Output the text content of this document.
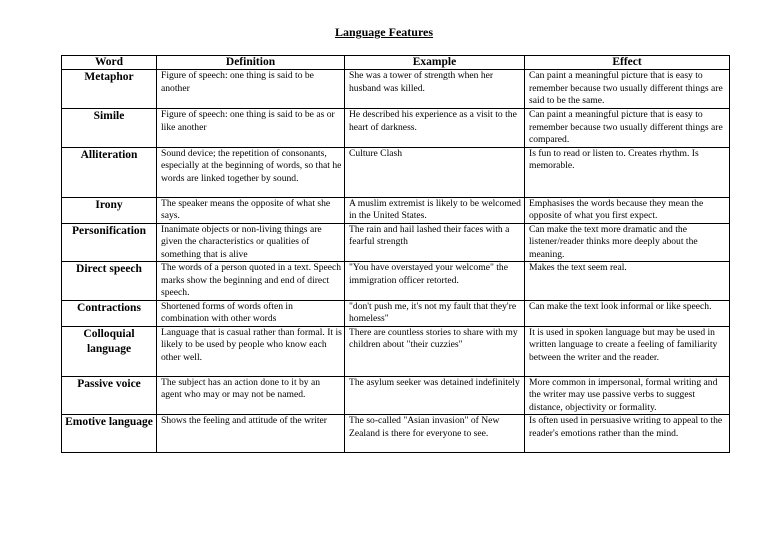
Language Features
Word	Definition	Example	Effect
Metaphor	Figure of speech: one thing is said to be another	She was a tower of strength when her husband was killed.	Can paint a meaningful picture that is easy to remember because two usually different things are said to be the same.
Simile	Figure of speech: one thing is said to be as or like another	He described his experience as a visit to the heart of darkness.	Can paint a meaningful picture that is easy to remember because two usually different things are compared.
Alliteration	Sound device; the repetition of consonants, especially at the beginning of words, so that he words are linked together by sound.	Culture Clash	Is fun to read or listen to. Creates rhythm. Is memorable.
Irony	The speaker means the opposite of what she says.	A muslim extremist is likely to be welcomed in the United States.	Emphasises the words because they mean the opposite of what you first expect.
Personification	Inanimate objects or non-living things are given the characteristics or qualities of something that is alive	The rain and hail lashed their faces with a fearful strength	Can make the text more dramatic and the listener/reader thinks more deeply about the meaning.
Direct speech	The words of a person quoted in a text. Speech marks show the beginning and end of direct speech.	"You have overstayed your welcome" the immigration officer retorted.	Makes the text seem real.
Contractions	Shortened forms of words often in combination with other words	"don't push me, it's not my fault that they're homeless"	Can make the text look informal or like speech.
Colloquial language	Language that is casual rather than formal. It is likely to be used by people who know each other well.	There are countless stories to share with my children about "their cuzzies"	It is used in spoken language but may be used in written language to create a feeling of familiarity between the writer and the reader.
Passive voice	The subject has an action done to it by an agent who may or may not be named.	The asylum seeker was detained indefinitely	More common in impersonal, formal writing and the writer may use passive verbs to suggest distance, objectivity or formality.
Emotive language	Shows the feeling and attitude of the writer	The so-called "Asian invasion" of New Zealand is there for everyone to see.	Is often used in persuasive writing to appeal to the reader's emotions rather than the mind.
